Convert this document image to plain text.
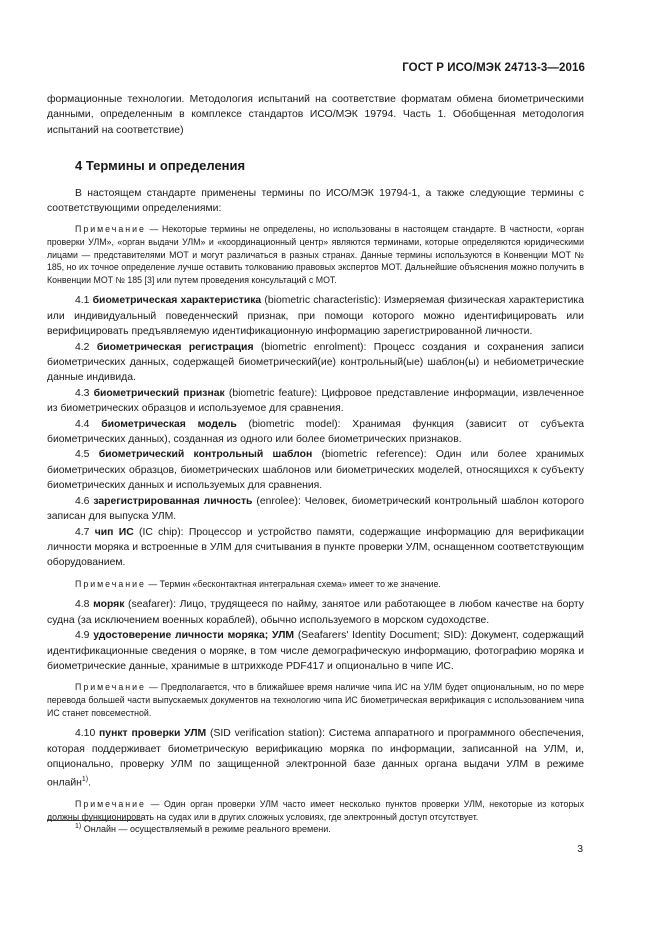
ГОСТ Р ИСО/МЭК 24713-3—2016

формационные технологии. Методология испытаний на соответствие форматам обмена биометрическими данными, определенным в комплексе стандартов ИСО/МЭК 19794. Часть 1. Обобщенная методология испытаний на соответствие)

4 Термины и определения

В настоящем стандарте применены термины по ИСО/МЭК 19794-1, а также следующие термины с соответствующими определениями:

Примечание — Некоторые термины не определены, но использованы в настоящем стандарте. В частности, «орган проверки УЛМ», «орган выдачи УЛМ» и «координационный центр» являются терминами, которые определяются юридическими лицами — представителями МОТ и могут различаться в разных странах. Данные термины используются в Конвенции МОТ № 185, но их точное определение лучше оставить толкованию правовых экспертов МОТ. Дальнейшие объяснения можно получить в Конвенции МОТ № 185 [3] или путем проведения консультаций с МОТ.

4.1 биометрическая характеристика (biometric characteristic): Измеряемая физическая характеристика или индивидуальный поведенческий признак, при помощи которого можно идентифицировать или верифицировать предъявляемую идентификационную информацию зарегистрированной личности.

4.2 биометрическая регистрация (biometric enrolment): Процесс создания и сохранения записи биометрических данных, содержащей биометрический(ие) контрольный(ые) шаблон(ы) и небиометрические данные индивида.

4.3 биометрический признак (biometric feature): Цифровое представление информации, извлеченное из биометрических образцов и используемое для сравнения.

4.4 биометрическая модель (biometric model): Хранимая функция (зависит от субъекта биометрических данных), созданная из одного или более биометрических признаков.

4.5 биометрический контрольный шаблон (biometric reference): Один или более хранимых биометрических образцов, биометрических шаблонов или биометрических моделей, относящихся к субъекту биометрических данных и используемых для сравнения.

4.6 зарегистрированная личность (enrolee): Человек, биометрический контрольный шаблон которого записан для выпуска УЛМ.

4.7 чип ИС (IC chip): Процессор и устройство памяти, содержащие информацию для верификации личности моряка и встроенные в УЛМ для считывания в пункте проверки УЛМ, оснащенном соответствующим оборудованием.

Примечание — Термин «бесконтактная интегральная схема» имеет то же значение.

4.8 моряк (seafarer): Лицо, трудящееся по найму, занятое или работающее в любом качестве на борту судна (за исключением военных кораблей), обычно используемого в морском судоходстве.

4.9 удостоверение личности моряка; УЛМ (Seafarers' Identity Document; SID): Документ, содержащий идентификационные сведения о моряке, в том числе демографическую информацию, фотографию моряка и биометрические данные, хранимые в штрихкоде PDF417 и опционально в чипе ИС.

Примечание — Предполагается, что в ближайшее время наличие чипа ИС на УЛМ будет опциональным, но по мере перевода большей части выпускаемых документов на технологию чипа ИС биометрическая верификация с использованием чипа ИС станет повсеместной.

4.10 пункт проверки УЛМ (SID verification station): Система аппаратного и программного обеспечения, которая поддерживает биометрическую верификацию моряка по информации, записанной на УЛМ, и, опционально, проверку УЛМ по защищенной электронной базе данных органа выдачи УЛМ в режиме онлайн$^{1)}$.

Примечание — Один орган проверки УЛМ часто имеет несколько пунктов проверки УЛМ, некоторые из которых должны функционировать на судах или в других сложных условиях, где электронный доступ отсутствует.

$^{1)}$ Онлайн — осуществляемый в режиме реального времени.

3
